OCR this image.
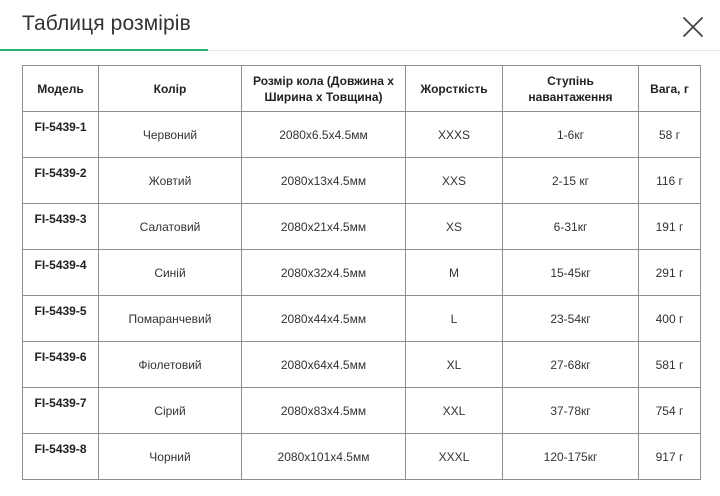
Таблиця розмірів
Модель	Колір	Розмір кола (Довжина x Ширина x Товщина)	Жорсткість	Ступінь навантаження	Вага, г
FI-5439-1	Червоний	2080x6.5x4.5мм	XXXS	1-6кг	58 г
FI-5439-2	Жовтий	2080x13x4.5мм	XXS	2-15 кг	116 г
FI-5439-3	Салатовий	2080x21x4.5мм	XS	6-31кг	191 г
FI-5439-4	Синій	2080x32x4.5мм	M	15-45кг	291 г
FI-5439-5	Помаранчевий	2080x44x4.5мм	L	23-54кг	400 г
FI-5439-6	Фіолетовий	2080x64x4.5мм	XL	27-68кг	581 г
FI-5439-7	Сірий	2080x83x4.5мм	XXL	37-78кг	754 г
FI-5439-8	Чорний	2080x101x4.5мм	XXXL	120-175кг	917 г
